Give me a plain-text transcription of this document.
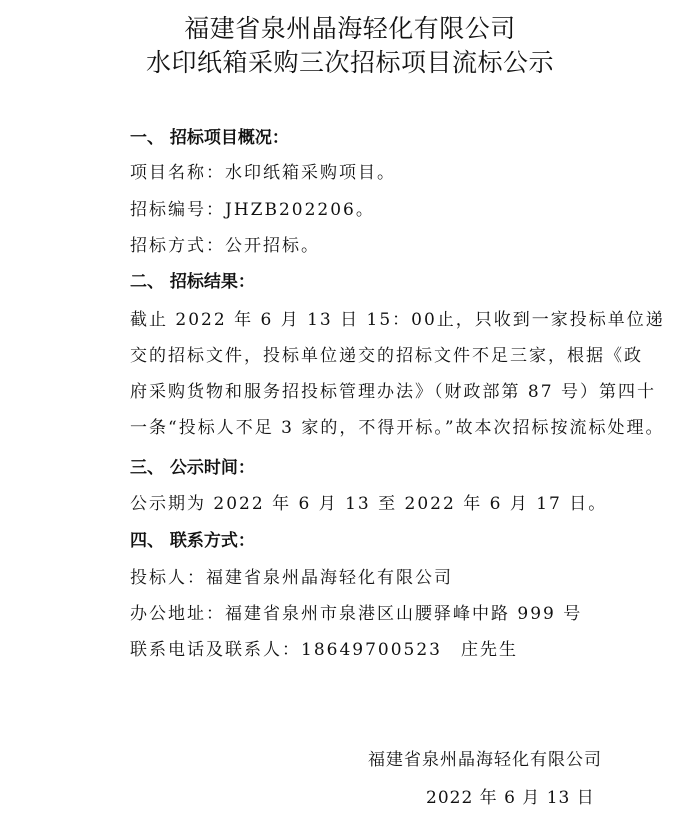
福建省泉州晶海轻化有限公司
水印纸箱采购三次招标项目流标公示
一、 招标项目概况：
项目名称：水印纸箱采购项目。
招标编号：JHZB202206。
招标方式：公开招标。
二、 招标结果：
截止 2022 年 6 月 13 日 15：00止，只收到一家投标单位递
交的招标文件，投标单位递交的招标文件不足三家，根据《政
府采购货物和服务招投标管理办法》（财政部第 87 号）第四十
一条“投标人不足 3 家的，不得开标。”故本次招标按流标处理。
三、 公示时间：
公示期为 2022 年 6 月 13 至 2022 年 6 月 17 日。
四、 联系方式：
投标人：福建省泉州晶海轻化有限公司
办公地址：福建省泉州市泉港区山腰驿峰中路 999 号
联系电话及联系人：18649700523　庄先生
福建省泉州晶海轻化有限公司
2022 年 6 月 13 日
